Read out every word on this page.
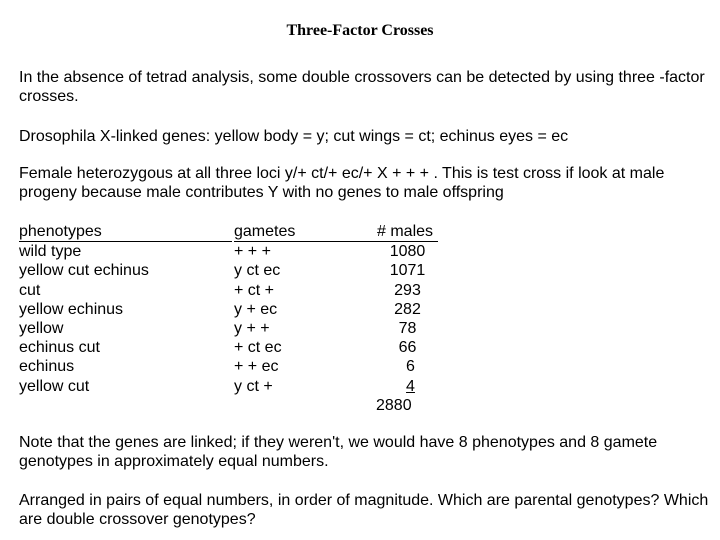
Three-Factor Crosses

In the absence of tetrad analysis, some double crossovers can be detected by using three -factor crosses.

Drosophila X-linked genes: yellow body = y; cut wings = ct; echinus eyes = ec

Female heterozygous at all three loci y/+ ct/+ ec/+ X + + + . This is test cross if look at male progeny because male contributes Y with no genes to male offspring

phenotypes
wild type
yellow cut echinus
cut
yellow echinus
yellow
echinus cut
echinus
yellow cut
gametes
+ + +
y ct ec
+ ct +
y + ec
y + +
+ ct ec
+ + ec
y ct +
# males
1080
1071
293
282
78
66
6
4
2880

Note that the genes are linked; if they weren't, we would have 8 phenotypes and 8 gamete genotypes in approximately equal numbers.

Arranged in pairs of equal numbers, in order of magnitude. Which are parental genotypes? Which are double crossover genotypes?
